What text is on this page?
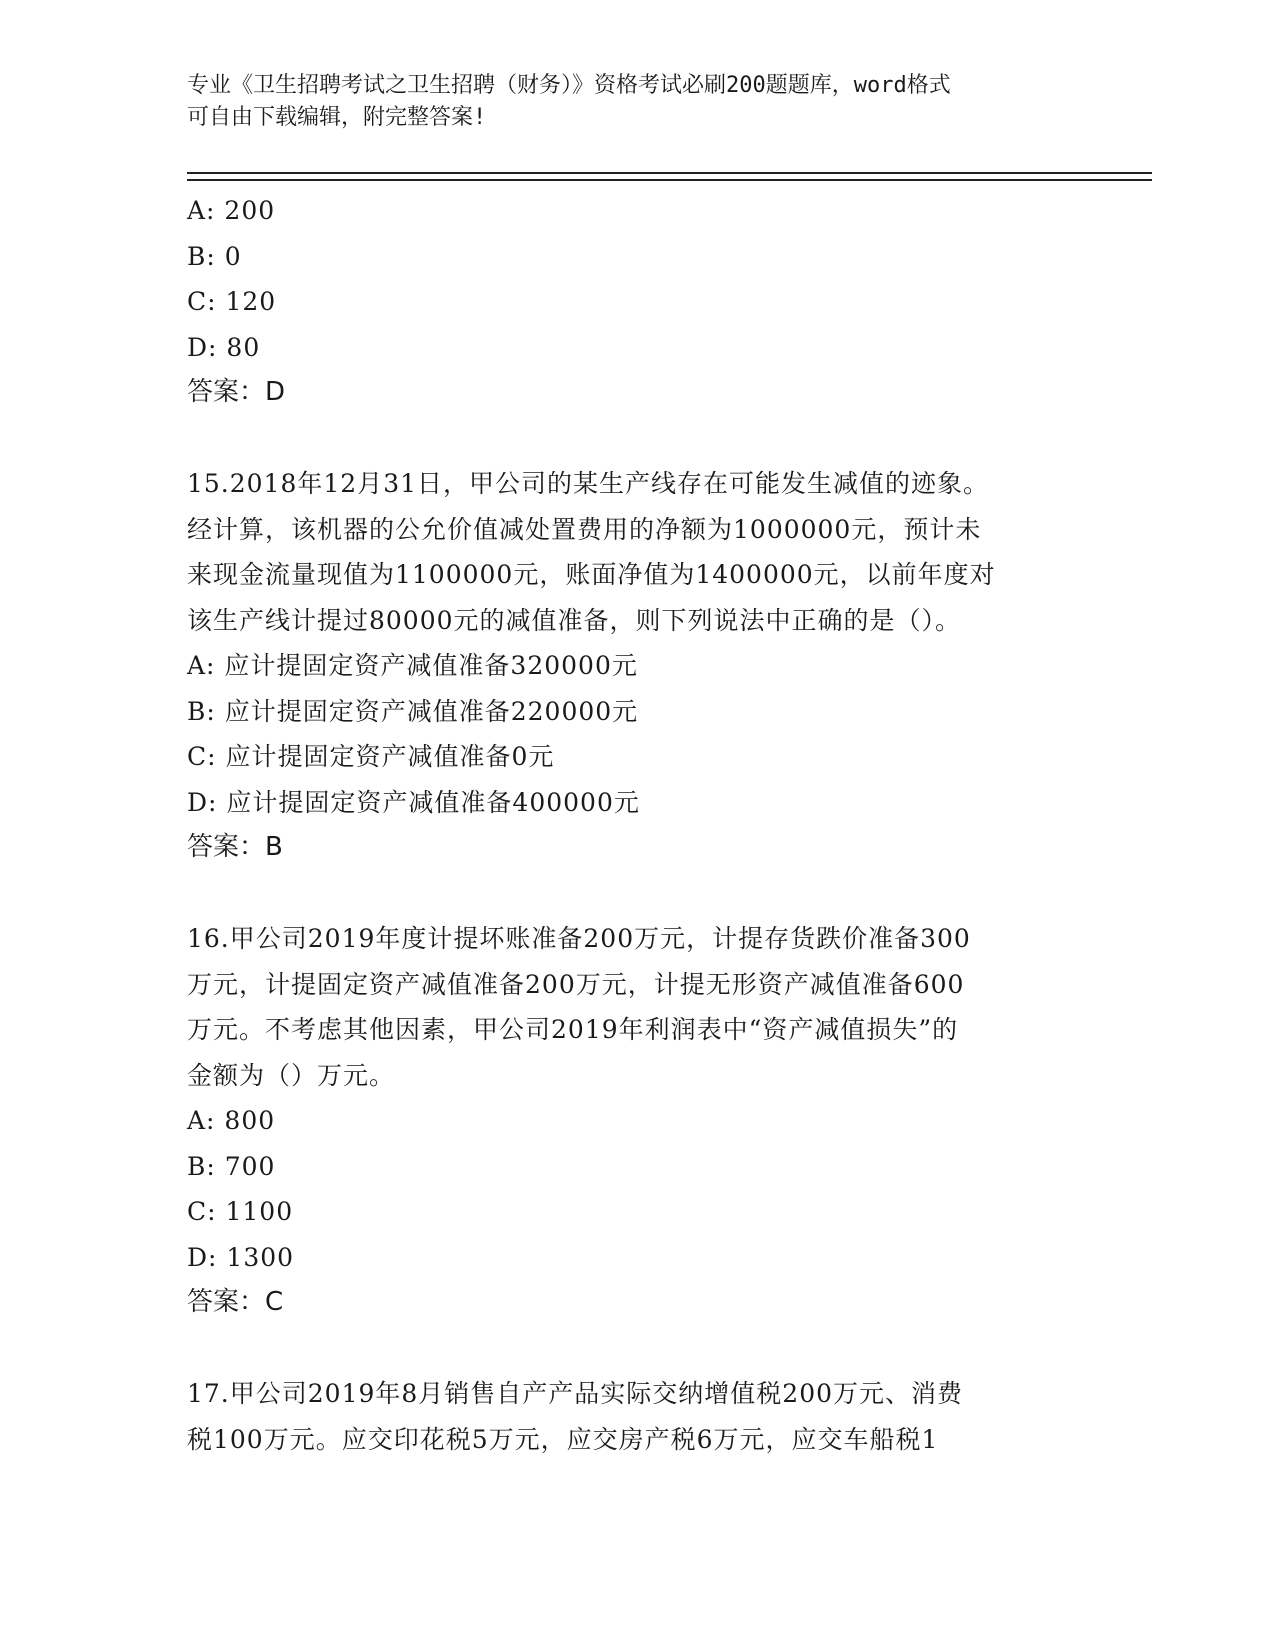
专业《卫生招聘考试之卫生招聘（财务）》资格考试必刷200题题库，word格式
可自由下载编辑，附完整答案!
A: 200
B: 0
C: 120
D: 80
答案：D
15.2018年12月31日，甲公司的某生产线存在可能发生减值的迹象。
经计算，该机器的公允价值减处置费用的净额为1000000元，预计未
来现金流量现值为1100000元，账面净值为1400000元，以前年度对
该生产线计提过80000元的减值准备，则下列说法中正确的是（）。
A: 应计提固定资产减值准备320000元
B: 应计提固定资产减值准备220000元
C: 应计提固定资产减值准备0元
D: 应计提固定资产减值准备400000元
答案：B
16.甲公司2019年度计提坏账准备200万元，计提存货跌价准备300
万元，计提固定资产减值准备200万元，计提无形资产减值准备600
万元。不考虑其他因素，甲公司2019年利润表中“资产减值损失”的
金额为（）万元。
A: 800
B: 700
C: 1100
D: 1300
答案：C
17.甲公司2019年8月销售自产产品实际交纳增值税200万元、消费
税100万元。应交印花税5万元，应交房产税6万元，应交车船税1
